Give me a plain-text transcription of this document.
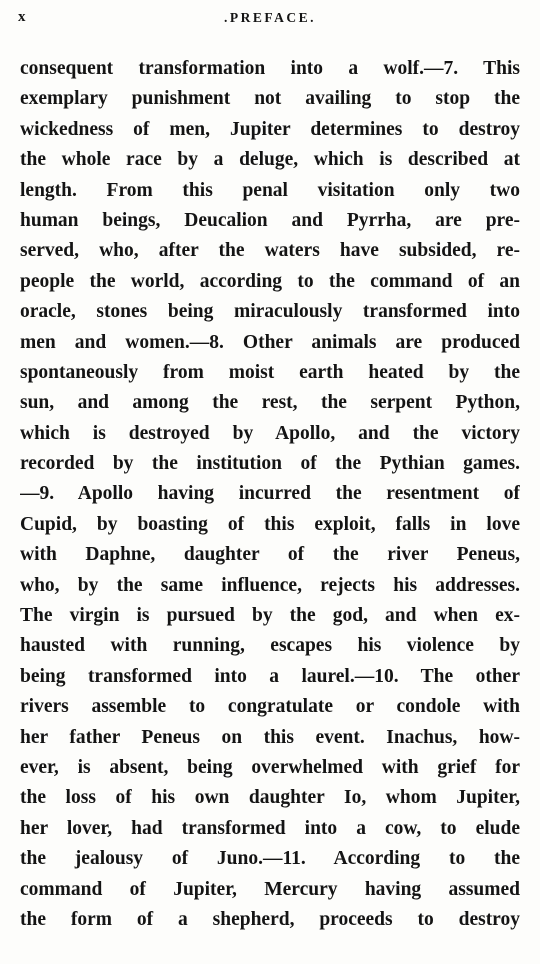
x	.PREFACE.
consequent transformation into a wolf.—7. This
exemplary punishment not availing to stop the
wickedness of men, Jupiter determines to destroy
the whole race by a deluge, which is described at
length. From this penal visitation only two
human beings, Deucalion and Pyrrha, are pre-
served, who, after the waters have subsided, re-
people the world, according to the command of an
oracle, stones being miraculously transformed into
men and women.—8. Other animals are produced
spontaneously from moist earth heated by the
sun, and among the rest, the serpent Python,
which is destroyed by Apollo, and the victory
recorded by the institution of the Pythian games.
—9. Apollo having incurred the resentment of
Cupid, by boasting of this exploit, falls in love
with Daphne, daughter of the river Peneus,
who, by the same influence, rejects his addresses.
The virgin is pursued by the god, and when ex-
hausted with running, escapes his violence by
being transformed into a laurel.—10. The other
rivers assemble to congratulate or condole with
her father Peneus on this event. Inachus, how-
ever, is absent, being overwhelmed with grief for
the loss of his own daughter Io, whom Jupiter,
her lover, had transformed into a cow, to elude
the jealousy of Juno.—11. According to the
command of Jupiter, Mercury having assumed
the form of a shepherd, proceeds to destroy
